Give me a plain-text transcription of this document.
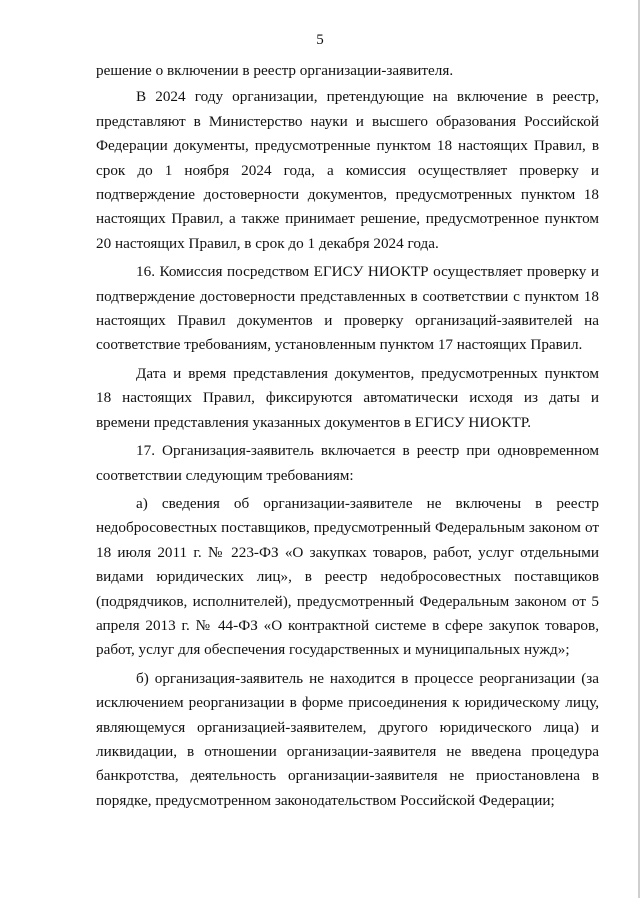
5

решение о включении в реестр организации-заявителя.

В 2024 году организации, претендующие на включение в реестр, представляют в Министерство науки и высшего образования Российской Федерации документы, предусмотренные пунктом 18 настоящих Правил, в срок до 1 ноября 2024 года, а комиссия осуществляет проверку и подтверждение достоверности документов, предусмотренных пунктом 18 настоящих Правил, а также принимает решение, предусмотренное пунктом 20 настоящих Правил, в срок до 1 декабря 2024 года.

16. Комиссия посредством ЕГИСУ НИОКТР осуществляет проверку и подтверждение достоверности представленных в соответствии с пунктом 18 настоящих Правил документов и проверку организаций-заявителей на соответствие требованиям, установленным пунктом 17 настоящих Правил.

Дата и время представления документов, предусмотренных пунктом 18 настоящих Правил, фиксируются автоматически исходя из даты и времени представления указанных документов в ЕГИСУ НИОКТР.

17. Организация-заявитель включается в реестр при одновременном соответствии следующим требованиям:

а) сведения об организации-заявителе не включены в реестр недобросовестных поставщиков, предусмотренный Федеральным законом от 18 июля 2011 г. № 223-ФЗ «О закупках товаров, работ, услуг отдельными видами юридических лиц», в реестр недобросовестных поставщиков (подрядчиков, исполнителей), предусмотренный Федеральным законом от 5 апреля 2013 г. № 44-ФЗ «О контрактной системе в сфере закупок товаров, работ, услуг для обеспечения государственных и муниципальных нужд»;

б) организация-заявитель не находится в процессе реорганизации (за исключением реорганизации в форме присоединения к юридическому лицу, являющемуся организацией-заявителем, другого юридического лица) и ликвидации, в отношении организации-заявителя не введена процедура банкротства, деятельность организации-заявителя не приостановлена в порядке, предусмотренном законодательством Российской Федерации;
